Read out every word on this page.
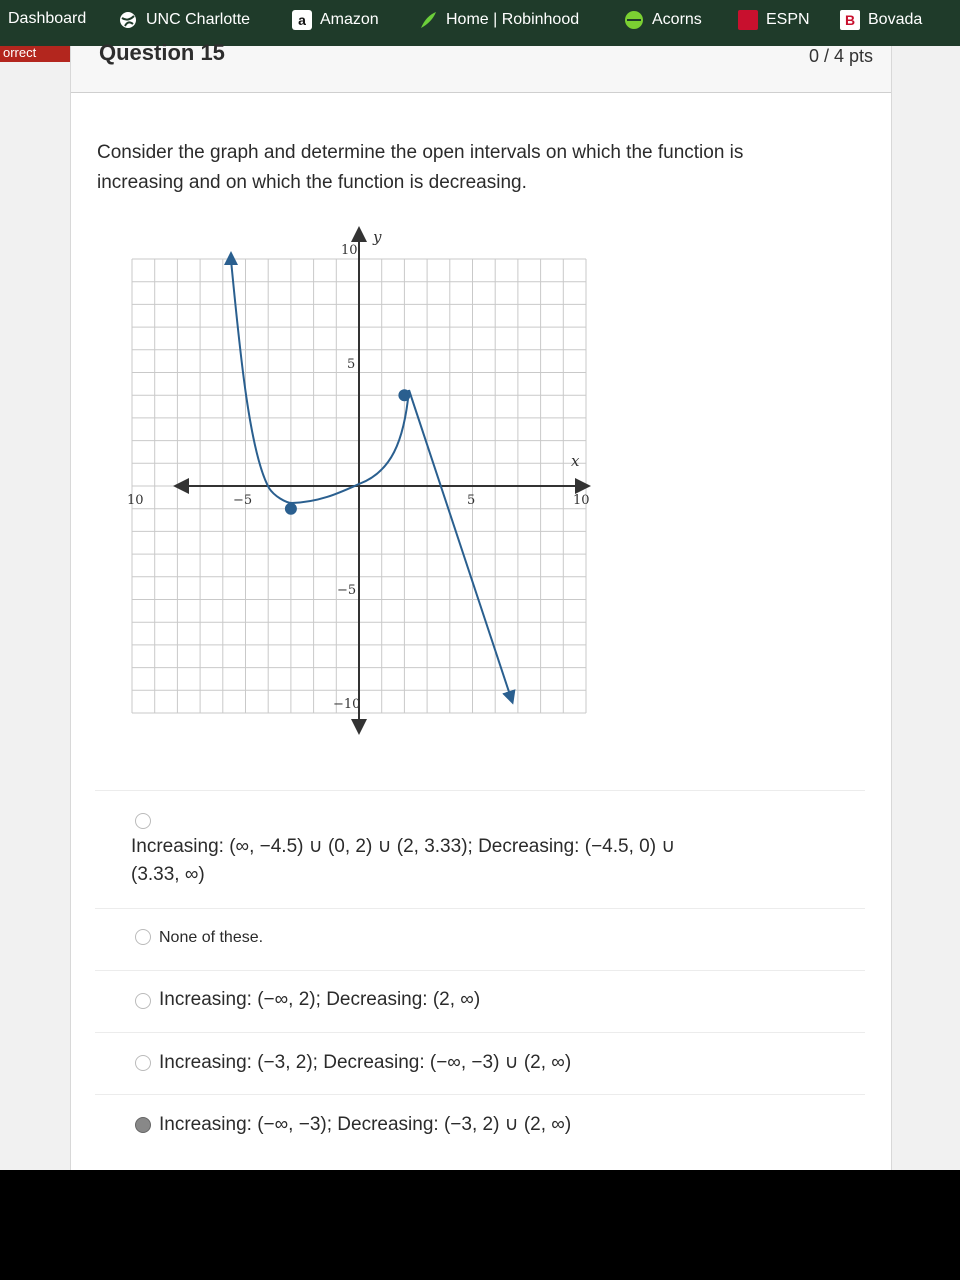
Dashboard	UNC Charlotte	a Amazon	Home | Robinhood	Acorns	ESPN	B Bovada
orrect	Question 15	0 / 4 pts
Consider the graph and determine the open intervals on which the function is increasing and on which the function is decreasing.
x
y
10	−5	5	10
10
5
−5
−10
Increasing: (∞, −4.5) ∪ (0, 2) ∪ (2, 3.33); Decreasing: (−4.5, 0) ∪ (3.33, ∞)
None of these.
Increasing: (−∞, 2); Decreasing: (2, ∞)
Increasing: (−3, 2); Decreasing: (−∞, −3) ∪ (2, ∞)
Increasing: (−∞, −3); Decreasing: (−3, 2) ∪ (2, ∞)
